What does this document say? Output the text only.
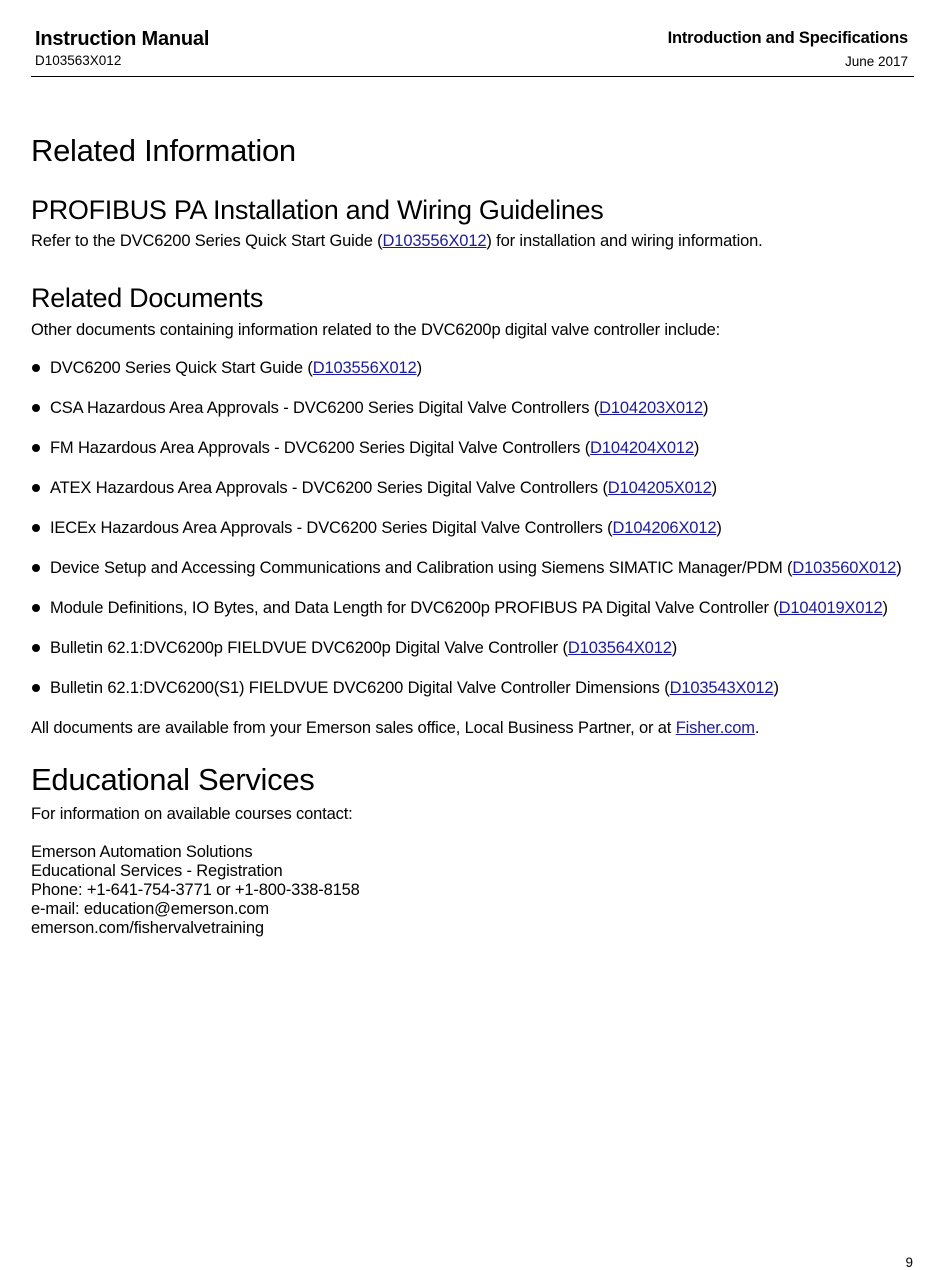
Instruction Manual
D103563X012
Introduction and Specifications
June 2017
Related Information
PROFIBUS PA Installation and Wiring Guidelines

Refer to the DVC6200 Series Quick Start Guide (D103556X012) for installation and wiring information.

Related Documents

Other documents containing information related to the DVC6200p digital valve controller include:

DVC6200 Series Quick Start Guide (D103556X012)
CSA Hazardous Area Approvals - DVC6200 Series Digital Valve Controllers (D104203X012)
FM Hazardous Area Approvals - DVC6200 Series Digital Valve Controllers (D104204X012)
ATEX Hazardous Area Approvals - DVC6200 Series Digital Valve Controllers (D104205X012)
IECEx Hazardous Area Approvals - DVC6200 Series Digital Valve Controllers (D104206X012)
Device Setup and Accessing Communications and Calibration using Siemens SIMATIC Manager/PDM (D103560X012)
Module Definitions, IO Bytes, and Data Length for DVC6200p PROFIBUS PA Digital Valve Controller (D104019X012)
Bulletin 62.1:DVC6200p FIELDVUE DVC6200p Digital Valve Controller (D103564X012)
Bulletin 62.1:DVC6200(S1) FIELDVUE DVC6200 Digital Valve Controller Dimensions (D103543X012)

All documents are available from your Emerson sales office, Local Business Partner, or at Fisher.com.

Educational Services

For information on available courses contact:

Emerson Automation Solutions

Educational Services - Registration

Phone: +1-641-754-3771 or +1-800-338-8158

e-mail: education@emerson.com

emerson.com/fishervalvetraining

9
